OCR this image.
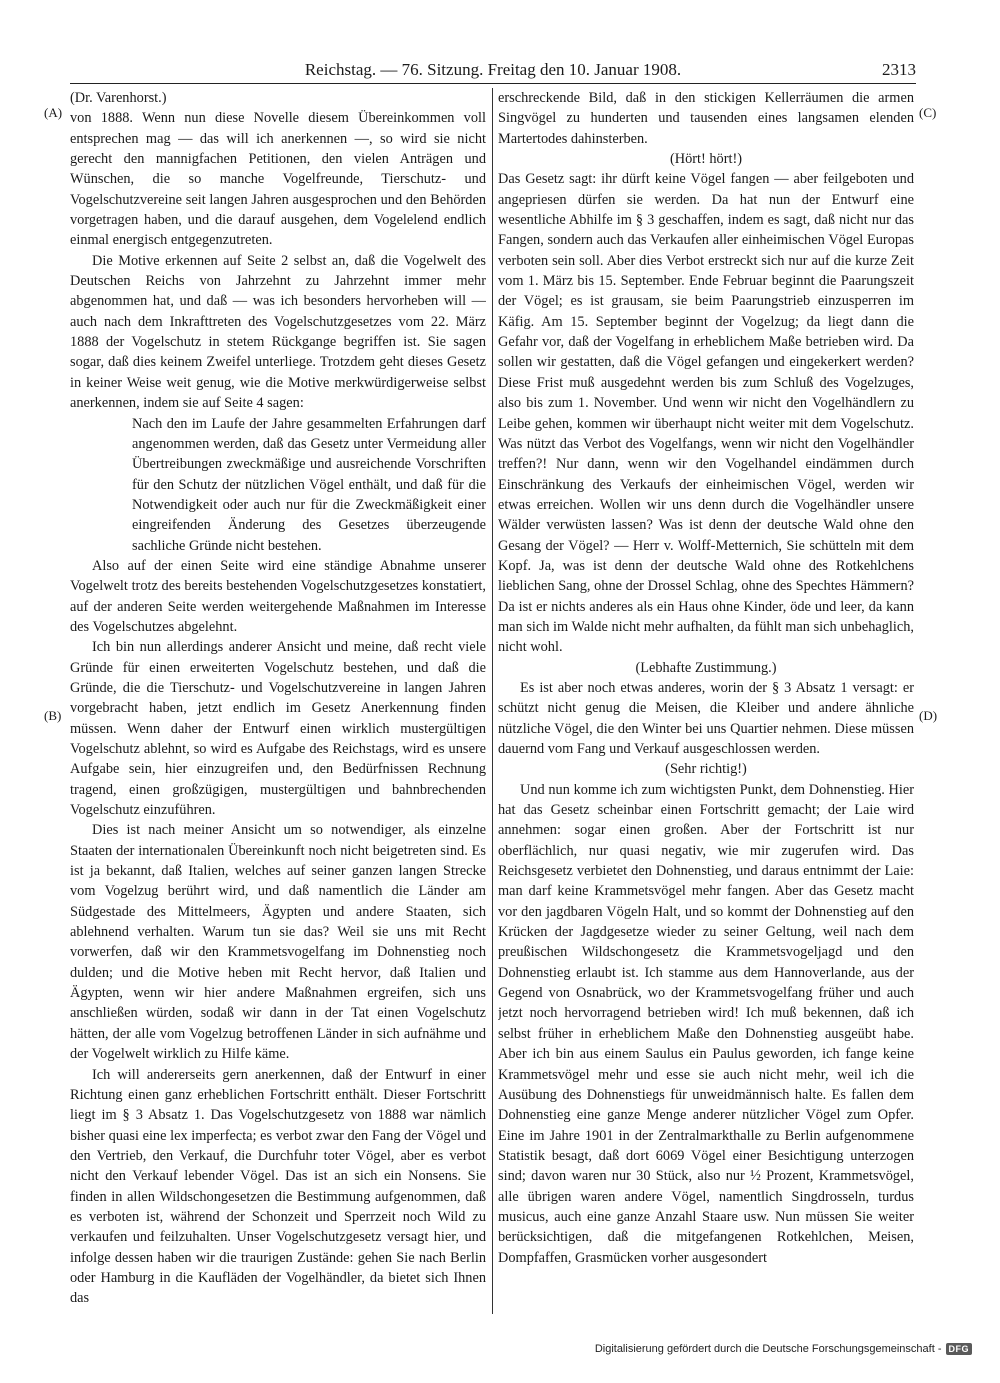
Reichstag. — 76. Sitzung. Freitag den 10. Januar 1908.	2313
(A)
(B)
(C)
(D)

(Dr. Varenhorst.)

von 1888. Wenn nun diese Novelle diesem Übereinkommen voll entsprechen mag — das will ich anerkennen —, so wird sie nicht gerecht den mannigfachen Petitionen, den vielen Anträgen und Wünschen, die so manche Vogelfreunde, Tierschutz- und Vogelschutzvereine seit langen Jahren ausgesprochen und den Behörden vorgetragen haben, und die darauf ausgehen, dem Vogelelend endlich einmal energisch entgegenzutreten.

Die Motive erkennen auf Seite 2 selbst an, daß die Vogelwelt des Deutschen Reichs von Jahrzehnt zu Jahrzehnt immer mehr abgenommen hat, und daß — was ich besonders hervorheben will — auch nach dem Inkrafttreten des Vogelschutzgesetzes vom 22. März 1888 der Vogelschutz in stetem Rückgange begriffen ist. Sie sagen sogar, daß dies keinem Zweifel unterliege. Trotzdem geht dieses Gesetz in keiner Weise weit genug, wie die Motive merkwürdigerweise selbst anerkennen, indem sie auf Seite 4 sagen:

Nach den im Laufe der Jahre gesammelten Erfahrungen darf angenommen werden, daß das Gesetz unter Vermeidung aller Übertreibungen zweckmäßige und ausreichende Vorschriften für den Schutz der nützlichen Vögel enthält, und daß für die Notwendigkeit oder auch nur für die Zweckmäßigkeit einer eingreifenden Änderung des Gesetzes überzeugende sachliche Gründe nicht bestehen.

Also auf der einen Seite wird eine ständige Abnahme unserer Vogelwelt trotz des bereits bestehenden Vogelschutzgesetzes konstatiert, auf der anderen Seite werden weitergehende Maßnahmen im Interesse des Vogelschutzes abgelehnt.

Ich bin nun allerdings anderer Ansicht und meine, daß recht viele Gründe für einen erweiterten Vogelschutz bestehen, und daß die Gründe, die die Tierschutz- und Vogelschutzvereine in langen Jahren vorgebracht haben, jetzt endlich im Gesetz Anerkennung finden müssen. Wenn daher der Entwurf einen wirklich mustergültigen Vogelschutz ablehnt, so wird es Aufgabe des Reichstags, wird es unsere Aufgabe sein, hier einzugreifen und, den Bedürfnissen Rechnung tragend, einen großzügigen, mustergültigen und bahnbrechenden Vogelschutz einzuführen.

Dies ist nach meiner Ansicht um so notwendiger, als einzelne Staaten der internationalen Übereinkunft noch nicht beigetreten sind. Es ist ja bekannt, daß Italien, welches auf seiner ganzen langen Strecke vom Vogelzug berührt wird, und daß namentlich die Länder am Südgestade des Mittelmeers, Ägypten und andere Staaten, sich ablehnend verhalten. Warum tun sie das? Weil sie uns mit Recht vorwerfen, daß wir den Krammetsvogelfang im Dohnenstieg noch dulden; und die Motive heben mit Recht hervor, daß Italien und Ägypten, wenn wir hier andere Maßnahmen ergreifen, sich uns anschließen würden, sodaß wir dann in der Tat einen Vogelschutz hätten, der alle vom Vogelzug betroffenen Länder in sich aufnähme und der Vogelwelt wirklich zu Hilfe käme.

Ich will andererseits gern anerkennen, daß der Entwurf in einer Richtung einen ganz erheblichen Fortschritt enthält. Dieser Fortschritt liegt im § 3 Absatz 1. Das Vogelschutzgesetz von 1888 war nämlich bisher quasi eine lex imperfecta; es verbot zwar den Fang der Vögel und den Vertrieb, den Verkauf, die Durchfuhr toter Vögel, aber es verbot nicht den Verkauf lebender Vögel. Das ist an sich ein Nonsens. Sie finden in allen Wildschongesetzen die Bestimmung aufgenommen, daß es verboten ist, während der Schonzeit und Sperrzeit noch Wild zu verkaufen und feilzuhalten. Unser Vogelschutzgesetz versagt hier, und infolge dessen haben wir die traurigen Zustände: gehen Sie nach Berlin oder Hamburg in die Kaufläden der Vogelhändler, da bietet sich Ihnen das

erschreckende Bild, daß in den stickigen Kellerräumen die armen Singvögel zu hunderten und tausenden eines langsamen elenden Martertodes dahinsterben.

(Hört! hört!)

Das Gesetz sagt: ihr dürft keine Vögel fangen — aber feilgeboten und angepriesen dürfen sie werden. Da hat nun der Entwurf eine wesentliche Abhilfe im § 3 geschaffen, indem es sagt, daß nicht nur das Fangen, sondern auch das Verkaufen aller einheimischen Vögel Europas verboten sein soll. Aber dies Verbot erstreckt sich nur auf die kurze Zeit vom 1. März bis 15. September. Ende Februar beginnt die Paarungszeit der Vögel; es ist grausam, sie beim Paarungstrieb einzusperren im Käfig. Am 15. September beginnt der Vogelzug; da liegt dann die Gefahr vor, daß der Vogelfang in erheblichem Maße betrieben wird. Da sollen wir gestatten, daß die Vögel gefangen und eingekerkert werden? Diese Frist muß ausgedehnt werden bis zum Schluß des Vogelzuges, also bis zum 1. November. Und wenn wir nicht den Vogelhändlern zu Leibe gehen, kommen wir überhaupt nicht weiter mit dem Vogelschutz. Was nützt das Verbot des Vogelfangs, wenn wir nicht den Vogelhändler treffen?! Nur dann, wenn wir den Vogelhandel eindämmen durch Einschränkung des Verkaufs der einheimischen Vögel, werden wir etwas erreichen. Wollen wir uns denn durch die Vogelhändler unsere Wälder verwüsten lassen? Was ist denn der deutsche Wald ohne den Gesang der Vögel? — Herr v. Wolff-Metternich, Sie schütteln mit dem Kopf. Ja, was ist denn der deutsche Wald ohne des Rotkehlchens lieblichen Sang, ohne der Drossel Schlag, ohne des Spechtes Hämmern? Da ist er nichts anderes als ein Haus ohne Kinder, öde und leer, da kann man sich im Walde nicht mehr aufhalten, da fühlt man sich unbehaglich, nicht wohl.

(Lebhafte Zustimmung.)

Es ist aber noch etwas anderes, worin der § 3 Absatz 1 versagt: er schützt nicht genug die Meisen, die Kleiber und andere ähnliche nützliche Vögel, die den Winter bei uns Quartier nehmen. Diese müssen dauernd vom Fang und Verkauf ausgeschlossen werden.

(Sehr richtig!)

Und nun komme ich zum wichtigsten Punkt, dem Dohnenstieg. Hier hat das Gesetz scheinbar einen Fortschritt gemacht; der Laie wird annehmen: sogar einen großen. Aber der Fortschritt ist nur oberflächlich, nur quasi negativ, wie mir zugerufen wird. Das Reichsgesetz verbietet den Dohnenstieg, und daraus entnimmt der Laie: man darf keine Krammetsvögel mehr fangen. Aber das Gesetz macht vor den jagdbaren Vögeln Halt, und so kommt der Dohnenstieg auf den Krücken der Jagdgesetze wieder zu seiner Geltung, weil nach dem preußischen Wildschongesetz die Krammetsvogeljagd und den Dohnenstieg erlaubt ist. Ich stamme aus dem Hannoverlande, aus der Gegend von Osnabrück, wo der Krammetsvogelfang früher und auch jetzt noch hervorragend betrieben wird! Ich muß bekennen, daß ich selbst früher in erheblichem Maße den Dohnenstieg ausgeübt habe. Aber ich bin aus einem Saulus ein Paulus geworden, ich fange keine Krammetsvögel mehr und esse sie auch nicht mehr, weil ich die Ausübung des Dohnenstiegs für unweidmännisch halte. Es fallen dem Dohnenstieg eine ganze Menge anderer nützlicher Vögel zum Opfer. Eine im Jahre 1901 in der Zentralmarkthalle zu Berlin aufgenommene Statistik besagt, daß dort 6069 Vögel einer Besichtigung unterzogen sind; davon waren nur 30 Stück, also nur ½ Prozent, Krammetsvögel, alle übrigen waren andere Vögel, namentlich Singdrosseln, turdus musicus, auch eine ganze Anzahl Staare usw. Nun müssen Sie weiter berücksichtigen, daß die mitgefangenen Rotkehlchen, Meisen, Dompfaffen, Grasmücken vorher ausgesondert

Digitalisierung gefördert durch die Deutsche Forschungsgemeinschaft - DFG
